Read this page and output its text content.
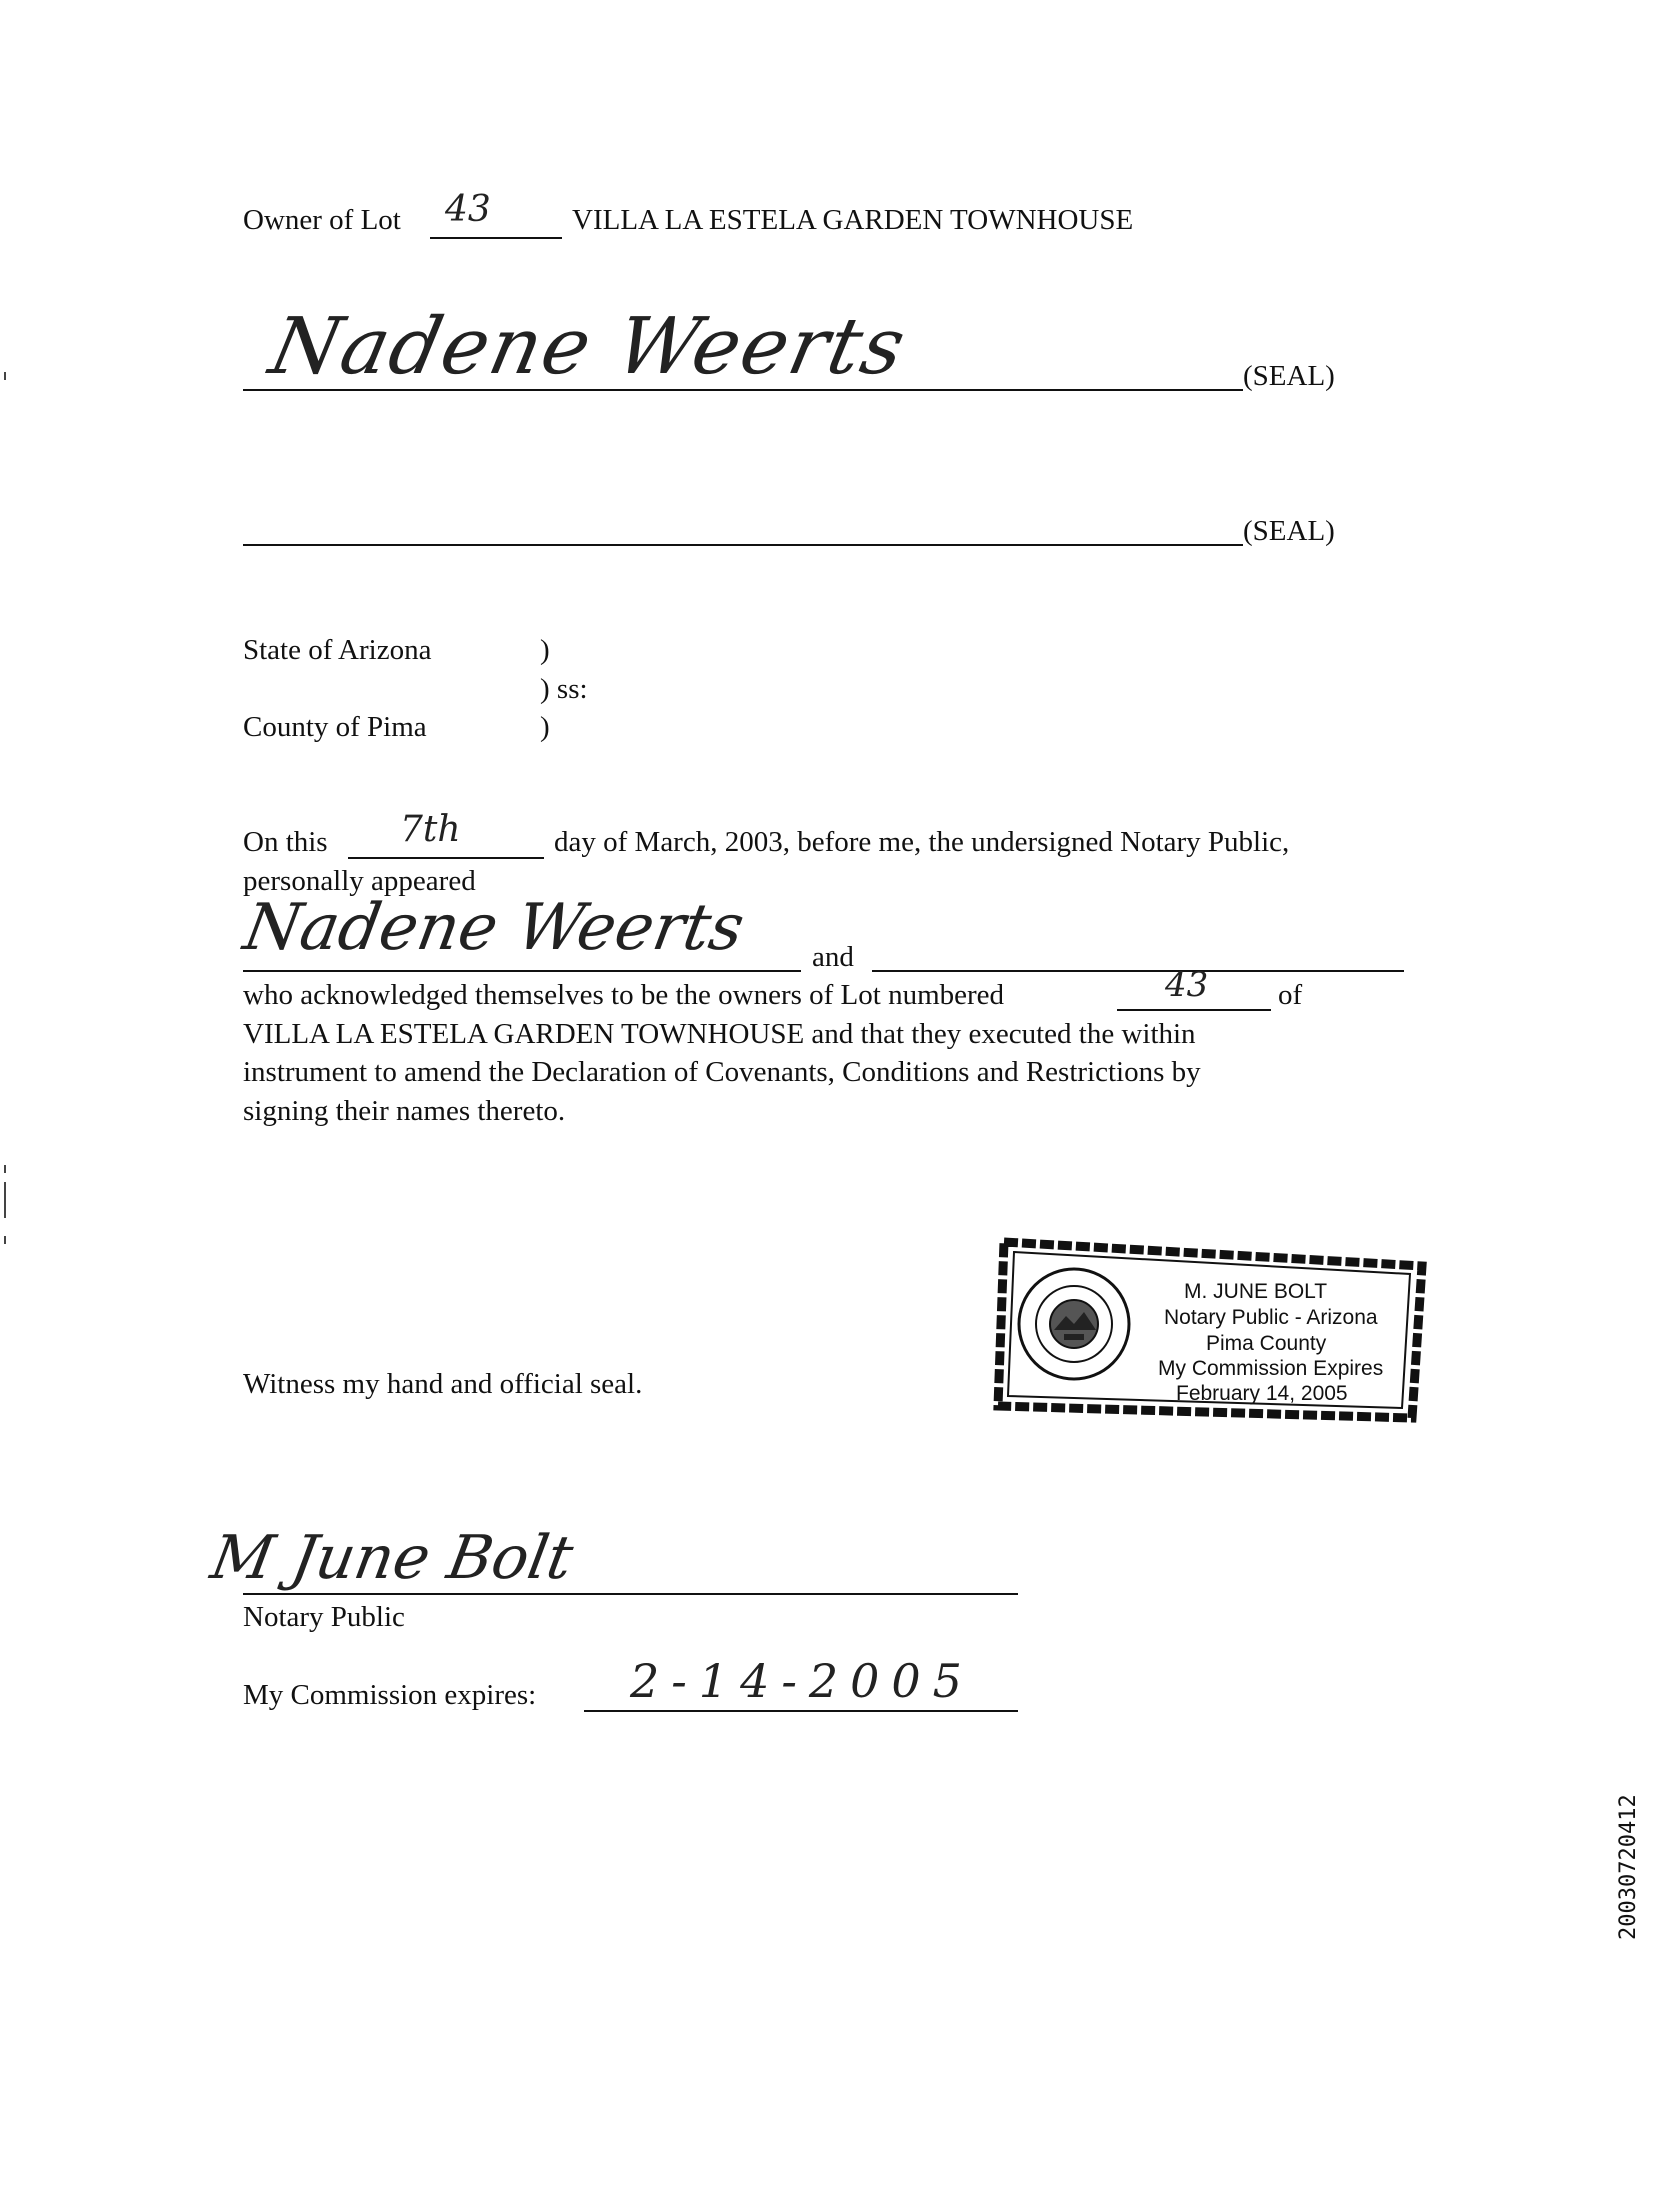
Owner of Lot 43	VILLA LA ESTELA GARDEN TOWNHOUSE
Nadene Weerts	(SEAL)
(SEAL)
State of Arizona	)
) ss:
County of Pima	)
On this 7th	day of March, 2003, before me, the undersigned Notary Public,
personally appeared
Nadene Weerts and
who acknowledged themselves to be the owners of Lot numbered	43 of
VILLA LA ESTELA GARDEN TOWNHOUSE and that they executed the within
instrument to amend the Declaration of Covenants, Conditions and Restrictions by
signing their names thereto.
Witness my hand and official seal.
M. JUNE BOLT
Notary Public - Arizona
Pima County
My Commission Expires
February 14, 2005
M June Bolt
Notary Public
My Commission expires: 2-14-2005
20030720412
